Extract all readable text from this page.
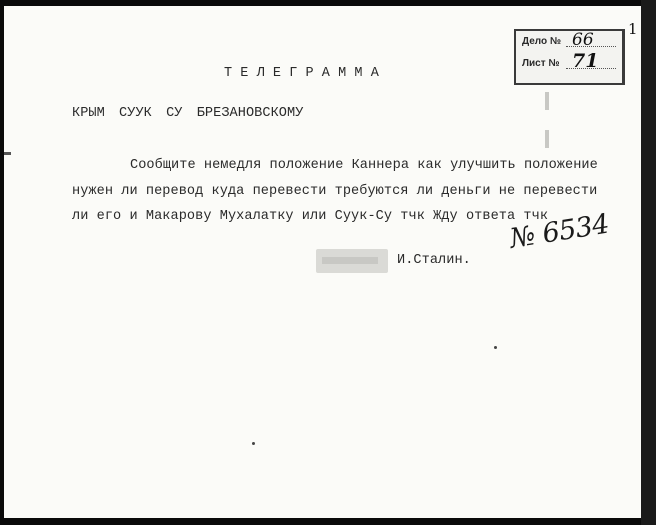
ТЕЛЕГРАММА
КРЫМ СУУК СУ БРЕЗАНОВСКОМУ
Сообщите немедля положение Каннера как улучшить положение
нужен ли перевод куда перевести требуются ли деньги не перевести
ли его и Макарову Мухалатку или Суук-Су тчк Жду ответа тчк
И.Сталин.
№ 6534
Дело № 66
Лист № 71
1
